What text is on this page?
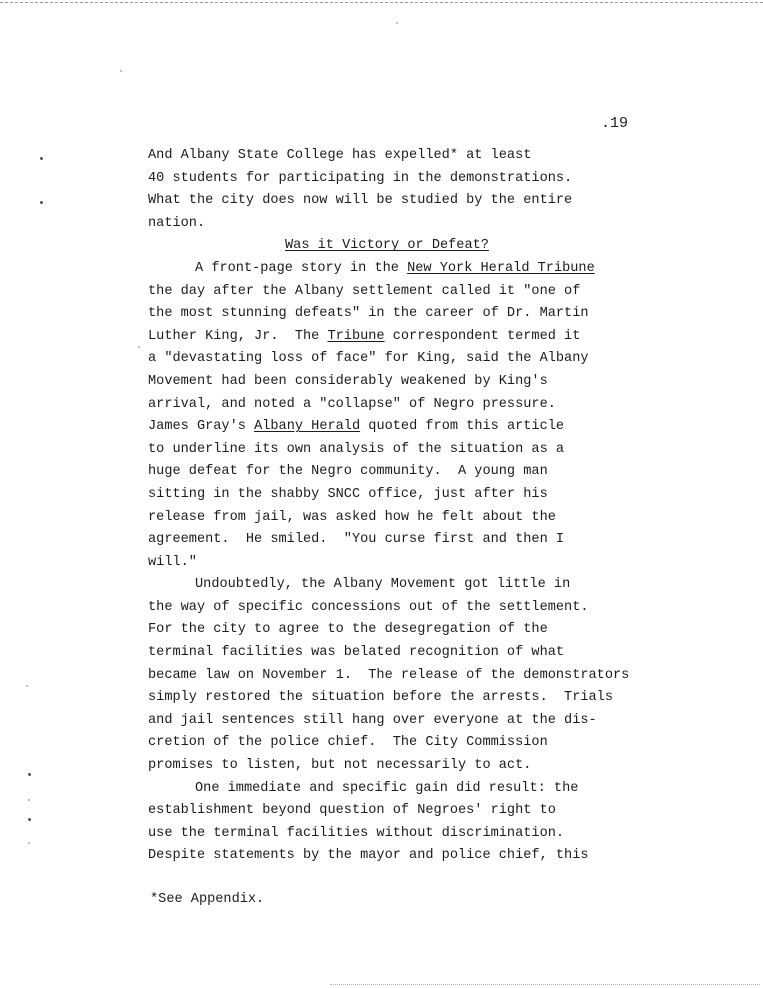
.19

And Albany State College has expelled* at least

40 students for participating in the demonstrations.

What the city does now will be studied by the entire

nation.

Was it Victory or Defeat?

A front-page story in the New York Herald Tribune

the day after the Albany settlement called it "one of

the most stunning defeats" in the career of Dr. Martin

Luther King, Jr.  The Tribune correspondent termed it

a "devastating loss of face" for King, said the Albany

Movement had been considerably weakened by King's

arrival, and noted a "collapse" of Negro pressure.

James Gray's Albany Herald quoted from this article

to underline its own analysis of the situation as a

huge defeat for the Negro community.  A young man

sitting in the shabby SNCC office, just after his

release from jail, was asked how he felt about the

agreement.  He smiled.  "You curse first and then I

will."

Undoubtedly, the Albany Movement got little in

the way of specific concessions out of the settlement.

For the city to agree to the desegregation of the

terminal facilities was belated recognition of what

became law on November 1.  The release of the demonstrators

simply restored the situation before the arrests.  Trials

and jail sentences still hang over everyone at the dis-

cretion of the police chief.  The City Commission

promises to listen, but not necessarily to act.

One immediate and specific gain did result: the

establishment beyond question of Negroes' right to

use the terminal facilities without discrimination.

Despite statements by the mayor and police chief, this

*See Appendix.
